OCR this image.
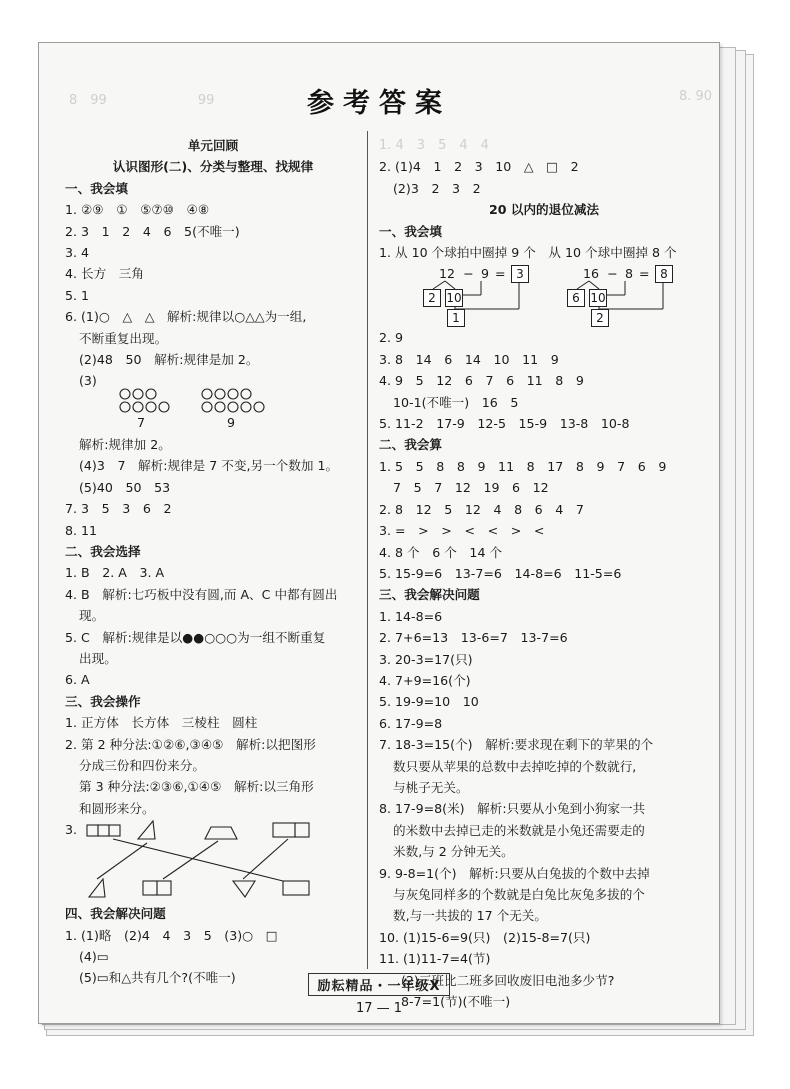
8　99　　　　　　　99	8. 90
参考答案
单元回顾
认识图形(二)、分类与整理、找规律
一、我会填
1. ②⑨　①　⑤⑦⑩　④⑧
2. 3　1　2　4　6　5(不唯一)
3. 4
4. 长方　三角
5. 1
6. (1)○　△　△　解析:规律以○△△为一组,
不断重复出现。
(2)48　50　解析:规律是加 2。
(3)
7	9
解析:规律加 2。
(4)3　7　解析:规律是 7 不变,另一个数加 1。
(5)40　50　53
7. 3　5　3　6　2
8. 11
二、我会选择
1. B　2. A　3. A
4. B　解析:七巧板中没有圆,而 A、C 中都有圆出
现。
5. C　解析:规律是以●●○○○为一组不断重复
出现。
6. A
三、我会操作
1. 正方体　长方体　三棱柱　圆柱
2. 第 2 种分法:①②⑥,③④⑤　解析:以把图形
分成三份和四份来分。
第 3 种分法:②③⑥,①④⑤　解析:以三角形
和圆形来分。
3.
四、我会解决问题
1. (1)略　(2)4　4　3　5　(3)○　□
(4)▭
(5)▭和△共有几个?(不唯一)
1. 4　3　5　4　4
2. (1)4　1　2　3　10　△　□　2
(2)3　2　3　2
20 以内的退位减法
一、我会填
1. 从 10 个球拍中圈掉 9 个　从 10 个球中圈掉 8 个
12 − 9 = 3
2 10
1
16 − 8 = 8
6 10
2
2. 9
3. 8　14　6　14　10　11　9
4. 9　5　12　6　7　6　11　8　9
10-1(不唯一)　16　5
5. 11-2　17-9　12-5　15-9　13-8　10-8
二、我会算
1. 5　5　8　8　9　11　8　17　8　9　7　6　9
7　5　7　12　19　6　12
2. 8　12　5　12　4　8　6　4　7
3. =　>　>　<　<　>　<
4. 8 个　6 个　14 个
5. 15-9=6　13-7=6　14-8=6　11-5=6
三、我会解决问题
1. 14-8=6
2. 7+6=13　13-6=7　13-7=6
3. 20-3=17(只)
4. 7+9=16(个)
5. 19-9=10　10
6. 17-9=8
7. 18-3=15(个)　解析:要求现在剩下的苹果的个
数只要从苹果的总数中去掉吃掉的个数就行,
与桃子无关。
8. 17-9=8(米)　解析:只要从小兔到小狗家一共
的米数中去掉已走的米数就是小兔还需要走的
米数,与 2 分钟无关。
9. 9-8=1(个)　解析:只要从白兔拔的个数中去掉
与灰兔同样多的个数就是白兔比灰兔多拔的个
数,与一共拔的 17 个无关。
10. (1)15-6=9(只)　(2)15-8=7(只)
11. (1)11-7=4(节)
(2)三班比二班多回收废旧电池多少节?
8-7=1(节)(不唯一)
励耘精品・一年级X
17 — 1
